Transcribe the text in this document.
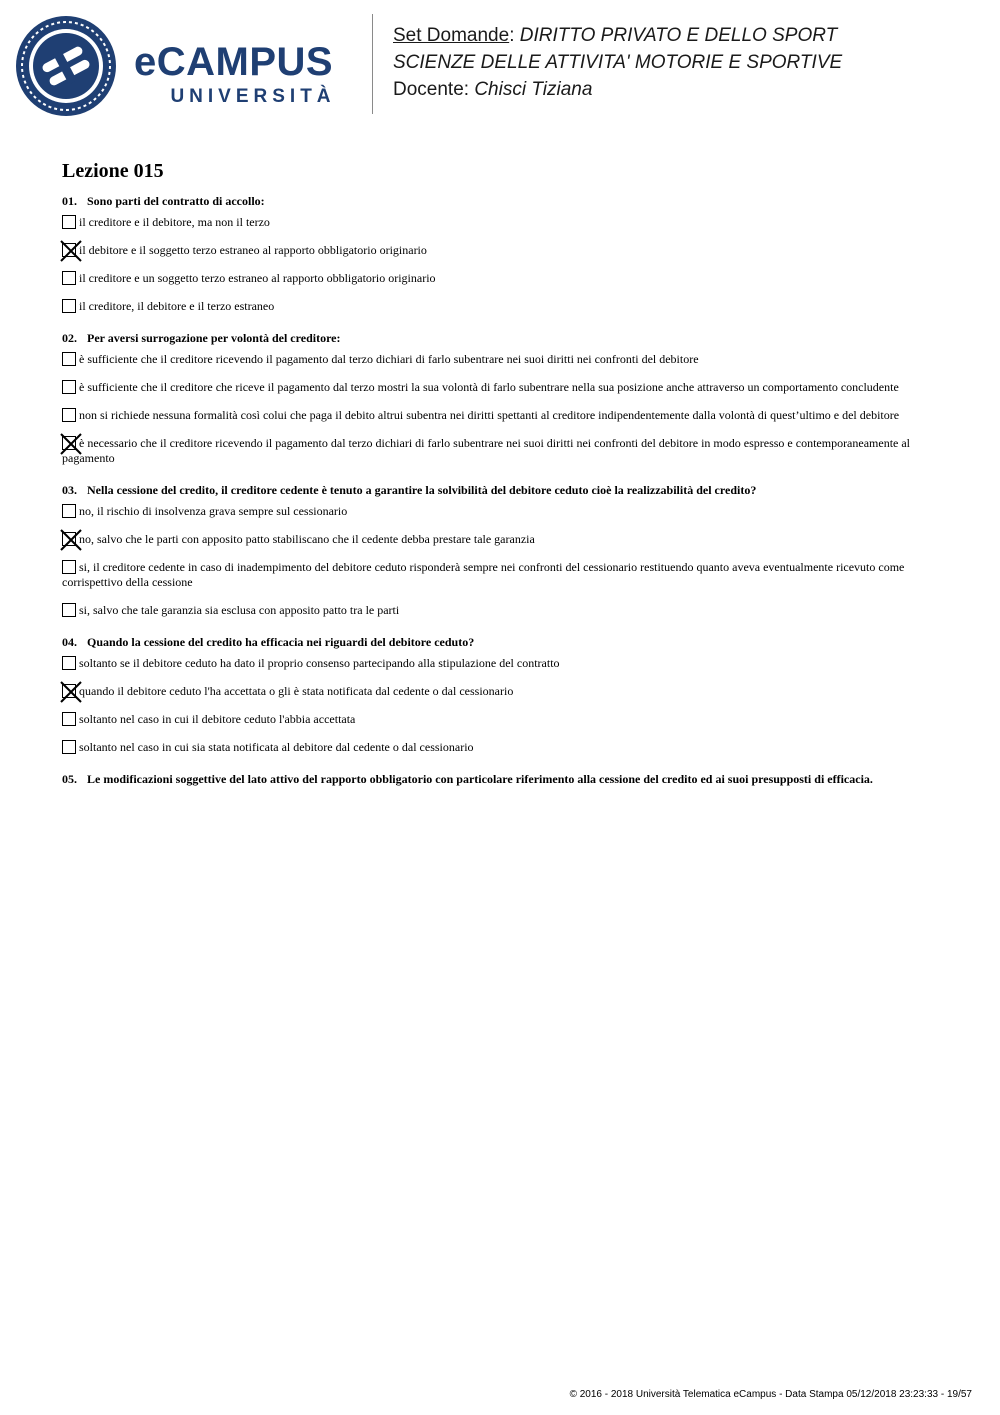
eCAMPUS
UNIVERSITÀ
Set Domande: DIRITTO PRIVATO E DELLO SPORT
SCIENZE DELLE ATTIVITA' MOTORIE E SPORTIVE
Docente: Chisci Tiziana
Lezione 015
01. Sono parti del contratto di accollo:
il creditore e il debitore, ma non il terzo
il debitore e il soggetto terzo estraneo al rapporto obbligatorio originario
il creditore e un soggetto terzo estraneo al rapporto obbligatorio originario
il creditore, il debitore e il terzo estraneo
02. Per aversi surrogazione per volontà del creditore:
è sufficiente che il creditore ricevendo il pagamento dal terzo dichiari di farlo subentrare nei suoi diritti nei confronti del debitore
è sufficiente che il creditore che riceve il pagamento dal terzo mostri la sua volontà di farlo subentrare nella sua posizione anche attraverso un comportamento concludente
non si richiede nessuna formalità così colui che paga il debito altrui subentra nei diritti spettanti al creditore indipendentemente dalla volontà di quest’ultimo e del debitore
è necessario che il creditore ricevendo il pagamento dal terzo dichiari di farlo subentrare nei suoi diritti nei confronti del debitore in modo espresso e contemporaneamente al pagamento
03. Nella cessione del credito, il creditore cedente è tenuto a garantire la solvibilità del debitore ceduto cioè la realizzabilità del credito?
no, il rischio di insolvenza grava sempre sul cessionario
no, salvo che le parti con apposito patto stabiliscano che il cedente debba prestare tale garanzia
si, il creditore cedente in caso di inadempimento del debitore ceduto risponderà sempre nei confronti del cessionario restituendo quanto aveva eventualmente ricevuto come corrispettivo della cessione
si, salvo che tale garanzia sia esclusa con apposito patto tra le parti
04. Quando la cessione del credito ha efficacia nei riguardi del debitore ceduto?
soltanto se il debitore ceduto ha dato il proprio consenso partecipando alla stipulazione del contratto
quando il debitore ceduto l'ha accettata o gli è stata notificata dal cedente o dal cessionario
soltanto nel caso in cui il debitore ceduto l'abbia accettata
soltanto nel caso in cui sia stata notificata al debitore dal cedente o dal cessionario
05. Le modificazioni soggettive del lato attivo del rapporto obbligatorio con particolare riferimento alla cessione del credito ed ai suoi presupposti di efficacia.
© 2016 - 2018 Università Telematica eCampus - Data Stampa 05/12/2018 23:23:33 - 19/57
